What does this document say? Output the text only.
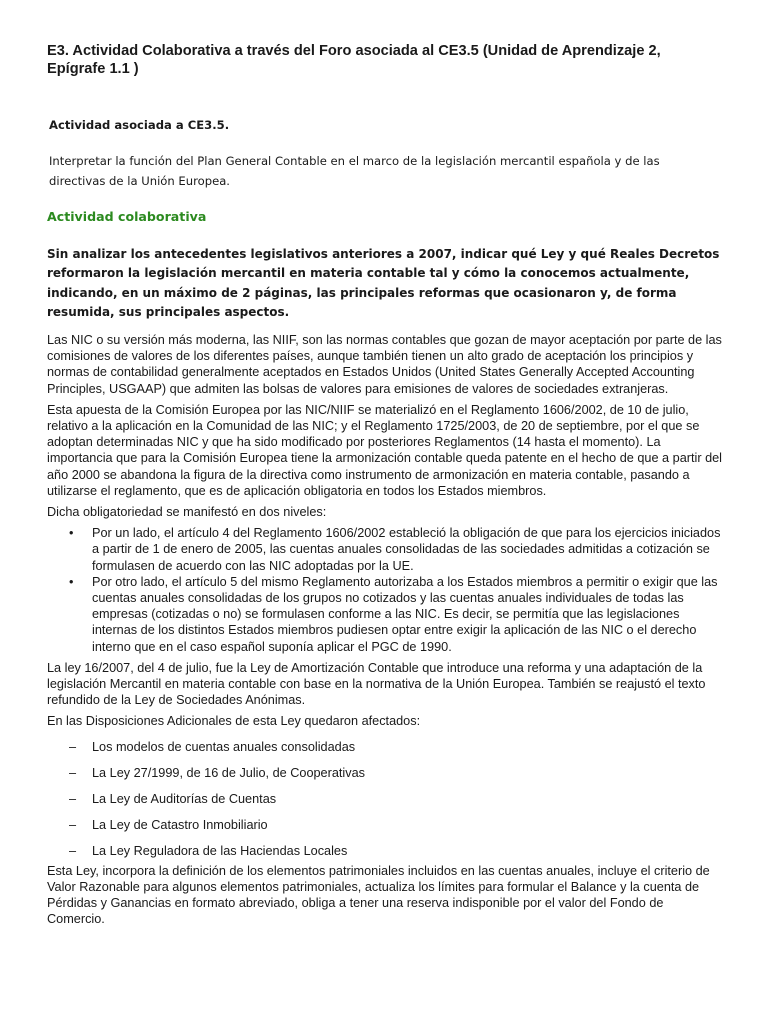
E3. Actividad Colaborativa a través del Foro asociada al CE3.5 (Unidad de Aprendizaje 2, Epígrafe 1.1 )
Actividad asociada a CE3.5.
Interpretar la función del Plan General Contable en el marco de la legislación mercantil española y de las directivas de la Unión Europea.
Actividad colaborativa
Sin analizar los antecedentes legislativos anteriores a 2007, indicar qué Ley y qué Reales Decretos reformaron la legislación mercantil en materia contable tal y cómo la conocemos actualmente, indicando, en un máximo de 2 páginas, las principales reformas que ocasionaron y, de forma resumida, sus principales aspectos.

Las NIC o su versión más moderna, las NIIF, son las normas contables que gozan de mayor aceptación por parte de las comisiones de valores de los diferentes países, aunque también tienen un alto grado de aceptación los principios y normas de contabilidad generalmente aceptados en Estados Unidos (United States Generally Accepted Accounting Principles, USGAAP) que admiten las bolsas de valores para emisiones de valores de sociedades extranjeras.

Esta apuesta de la Comisión Europea por las NIC/NIIF se materializó en el Reglamento 1606/2002, de 10 de julio, relativo a la aplicación en la Comunidad de las NIC; y el Reglamento 1725/2003, de 20 de septiembre, por el que se adoptan determinadas NIC y que ha sido modificado por posteriores Reglamentos (14 hasta el momento). La importancia que para la Comisión Europea tiene la armonización contable queda patente en el hecho de que a partir del año 2000 se abandona la figura de la directiva como instrumento de armonización en materia contable, pasando a utilizarse el reglamento, que es de aplicación obligatoria en todos los Estados miembros.

Dicha obligatoriedad se manifestó en dos niveles:

• Por un lado, el artículo 4 del Reglamento 1606/2002 estableció la obligación de que para los ejercicios iniciados a partir de 1 de enero de 2005, las cuentas anuales consolidadas de las sociedades admitidas a cotización se formulasen de acuerdo con las NIC adoptadas por la UE.
• Por otro lado, el artículo 5 del mismo Reglamento autorizaba a los Estados miembros a permitir o exigir que las cuentas anuales consolidadas de los grupos no cotizados y las cuentas anuales individuales de todas las empresas (cotizadas o no) se formulasen conforme a las NIC. Es decir, se permitía que las legislaciones internas de los distintos Estados miembros pudiesen optar entre exigir la aplicación de las NIC o el derecho interno que en el caso español suponía aplicar el PGC de 1990.

La ley 16/2007, del 4 de julio, fue la Ley de Amortización Contable que introduce una reforma y una adaptación de la legislación Mercantil en materia contable con base en la normativa de la Unión Europea. También se reajustó el texto refundido de la Ley de Sociedades Anónimas.

En las Disposiciones Adicionales de esta Ley quedaron afectados:

– Los modelos de cuentas anuales consolidadas
– La Ley 27/1999, de 16 de Julio, de Cooperativas
– La Ley de Auditorías de Cuentas
– La Ley de Catastro Inmobiliario
– La Ley Reguladora de las Haciendas Locales

Esta Ley, incorpora la definición de los elementos patrimoniales incluidos en las cuentas anuales, incluye el criterio de Valor Razonable para algunos elementos patrimoniales, actualiza los límites para formular el Balance y la cuenta de Pérdidas y Ganancias en formato abreviado, obliga a tener una reserva indisponible por el valor del Fondo de Comercio.
